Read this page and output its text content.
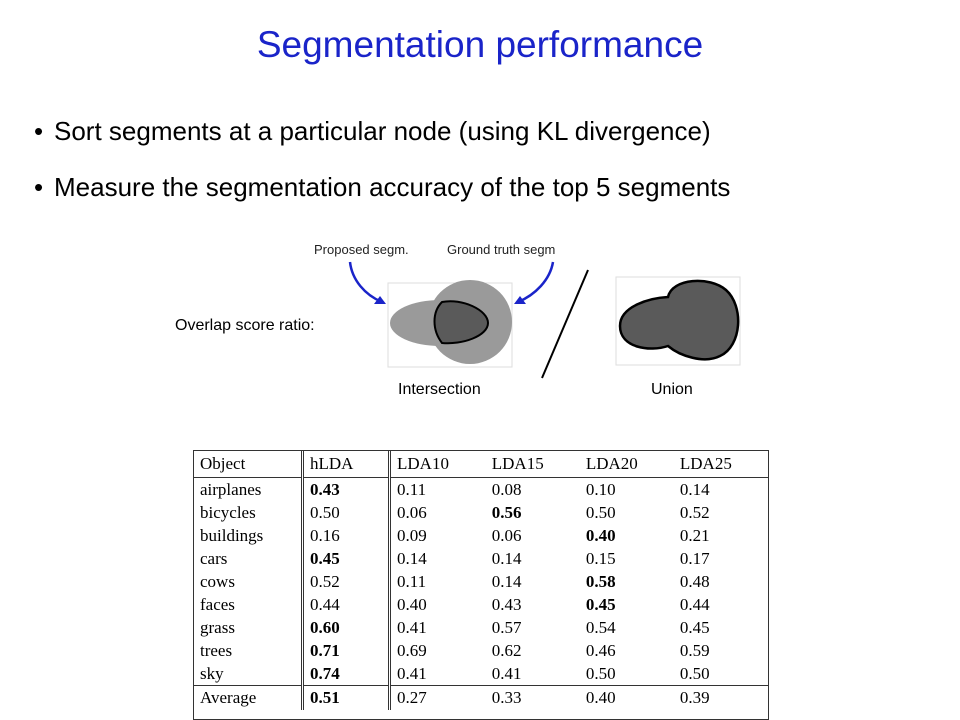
Segmentation performance
• Sort segments at a particular node (using KL divergence)
• Measure the segmentation accuracy of the top 5 segments
Proposed segm.	Ground truth segm
Overlap score ratio:
Intersection	Union
Object	hLDA	LDA10	LDA15	LDA20	LDA25
airplanes	0.43	0.11	0.08	0.10	0.14
bicycles	0.50	0.06	0.56	0.50	0.52
buildings	0.16	0.09	0.06	0.40	0.21
cars	0.45	0.14	0.14	0.15	0.17
cows	0.52	0.11	0.14	0.58	0.48
faces	0.44	0.40	0.43	0.45	0.44
grass	0.60	0.41	0.57	0.54	0.45
trees	0.71	0.69	0.62	0.46	0.59
sky	0.74	0.41	0.41	0.50	0.50
Average	0.51	0.27	0.33	0.40	0.39
